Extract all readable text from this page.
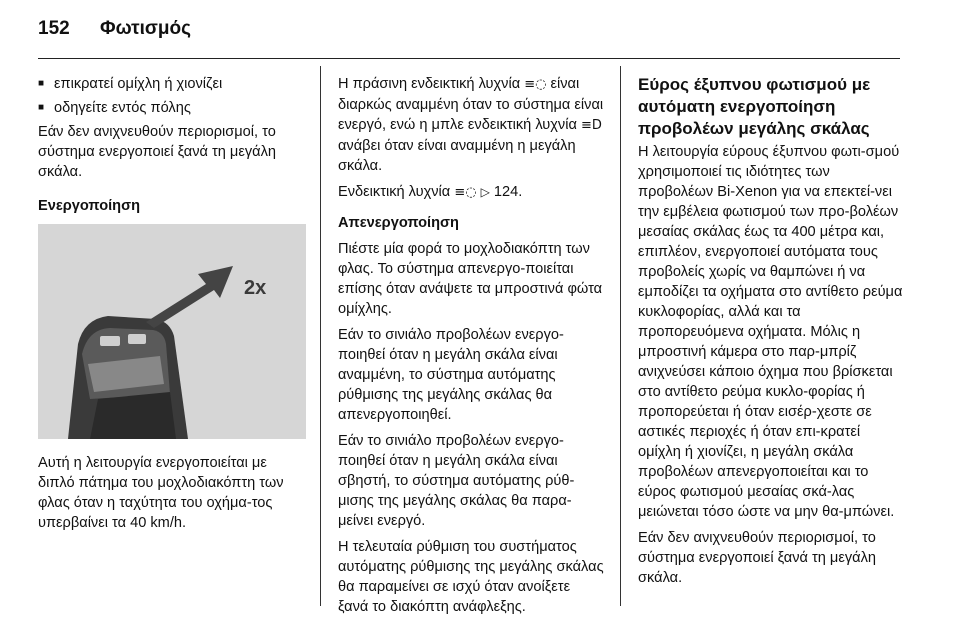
152	Φωτισμός
■ επικρατεί ομίχλη ή χιονίζει
■ οδηγείτε εντός πόλης

Εάν δεν ανιχνευθούν περιορισμοί, το σύστημα ενεργοποιεί ξανά τη μεγάλη σκάλα.

Ενεργοποίηση
2x

Αυτή η λειτουργία ενεργοποιείται με διπλό πάτημα του μοχλοδιακόπτη των φλας όταν η ταχύτητα του οχήμα-τος υπερβαίνει τα 40 km/h.

Η πράσινη ενδεικτική λυχνία ≡◌ είναι διαρκώς αναμμένη όταν το σύστημα είναι ενεργό, ενώ η μπλε ενδεικτική λυχνία ≡D ανάβει όταν είναι αναμμένη η μεγάλη σκάλα.

Ενδεικτική λυχνία ≡◌ ▷ 124.

Απενεργοποίηση

Πιέστε μία φορά το μοχλοδιακόπτη των φλας. Το σύστημα απενεργο-ποιείται επίσης όταν ανάψετε τα μπροστινά φώτα ομίχλης.

Εάν το σινιάλο προβολέων ενεργο-ποιηθεί όταν η μεγάλη σκάλα είναι αναμμένη, το σύστημα αυτόματης ρύθμισης της μεγάλης σκάλας θα απενεργοποιηθεί.

Εάν το σινιάλο προβολέων ενεργο-ποιηθεί όταν η μεγάλη σκάλα είναι σβηστή, το σύστημα αυτόματης ρύθ-μισης της μεγάλης σκάλας θα παρα-μείνει ενεργό.

Η τελευταία ρύθμιση του συστήματος αυτόματης ρύθμισης της μεγάλης σκάλας θα παραμείνει σε ισχύ όταν ανοίξετε ξανά το διακόπτη ανάφλεξης.

Εύρος έξυπνου φωτισμού με αυτόματη ενεργοποίηση προβολέων μεγάλης σκάλας

Η λειτουργία εύρους έξυπνου φωτι-σμού χρησιμοποιεί τις ιδιότητες των προβολέων Bi-Xenon για να επεκτεί-νει την εμβέλεια φωτισμού των προ-βολέων μεσαίας σκάλας έως τα 400 μέτρα και, επιπλέον, ενεργοποιεί αυτόματα τους προβολείς χωρίς να θαμπώνει ή να εμποδίζει τα οχήματα στο αντίθετο ρεύμα κυκλοφορίας, αλλά και τα προπορευόμενα οχήματα. Μόλις η μπροστινή κάμερα στο παρ-μπρίζ ανιχνεύσει κάποιο όχημα που βρίσκεται στο αντίθετο ρεύμα κυκλο-φορίας ή προπορεύεται ή όταν εισέρ-χεστε σε αστικές περιοχές ή όταν επι-κρατεί ομίχλη ή χιονίζει, η μεγάλη σκάλα προβολέων απενεργοποιείται και το εύρος φωτισμού μεσαίας σκά-λας μειώνεται τόσο ώστε να μην θα-μπώνει.

Εάν δεν ανιχνευθούν περιορισμοί, το σύστημα ενεργοποιεί ξανά τη μεγάλη σκάλα.
